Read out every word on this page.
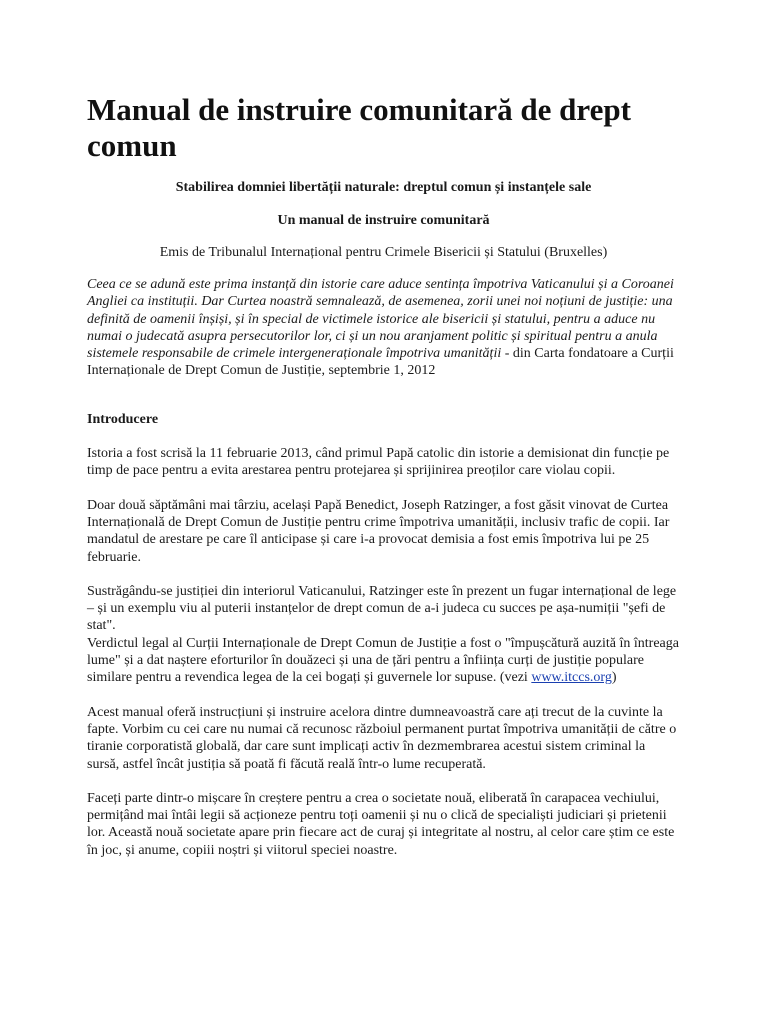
Manual de instruire comunitară de drept comun
Stabilirea domniei libertății naturale: dreptul comun și instanțele sale
Un manual de instruire comunitară
Emis de Tribunalul Internațional pentru Crimele Bisericii și Statului (Bruxelles)

Ceea ce se adună este prima instanță din istorie care aduce sentința împotriva Vaticanului și a Coroanei Angliei ca instituții. Dar Curtea noastră semnalează, de asemenea, zorii unei noi noțiuni de justiție: una definită de oamenii înșiși, și în special de victimele istorice ale bisericii și statului, pentru a aduce nu numai o judecată asupra persecutorilor lor, ci și un nou aranjament politic și spiritual pentru a anula sistemele responsabile de crimele intergeneraționale împotriva umanității - din Carta fondatoare a Curții Internaționale de Drept Comun de Justiție, septembrie 1, 2012

Introducere

Istoria a fost scrisă la 11 februarie 2013, când primul Papă catolic din istorie a demisionat din funcție pe timp de pace pentru a evita arestarea pentru protejarea și sprijinirea preoților care violau copii.

Doar două săptămâni mai târziu, același Papă Benedict, Joseph Ratzinger, a fost găsit vinovat de Curtea Internațională de Drept Comun de Justiție pentru crime împotriva umanității, inclusiv trafic de copii. Iar mandatul de arestare pe care îl anticipase și care i-a provocat demisia a fost emis împotriva lui pe 25 februarie.

Sustrăgându-se justiției din interiorul Vaticanului, Ratzinger este în prezent un fugar internațional de lege – și un exemplu viu al puterii instanțelor de drept comun de a-i judeca cu succes pe așa-numiții "șefi de stat".
Verdictul legal al Curții Internaționale de Drept Comun de Justiție a fost o "împușcătură auzită în întreaga lume" și a dat naștere eforturilor în douăzeci și una de țări pentru a înființa curți de justiție populare similare pentru a revendica legea de la cei bogați și guvernele lor supuse. (vezi www.itccs.org)

Acest manual oferă instrucțiuni și instruire acelora dintre dumneavoastră care ați trecut de la cuvinte la fapte. Vorbim cu cei care nu numai că recunosc războiul permanent purtat împotriva umanității de către o tiranie corporatistă globală, dar care sunt implicați activ în dezmembrarea acestui sistem criminal la sursă, astfel încât justiția să poată fi făcută reală într-o lume recuperată.

Faceți parte dintr-o mișcare în creștere pentru a crea o societate nouă, eliberată în carapacea vechiului, permițând mai întâi legii să acționeze pentru toți oamenii și nu o clică de specialiști judiciari și prietenii lor. Această nouă societate apare prin fiecare act de curaj și integritate al nostru, al celor care știm ce este în joc, și anume, copiii noștri și viitorul speciei noastre.
